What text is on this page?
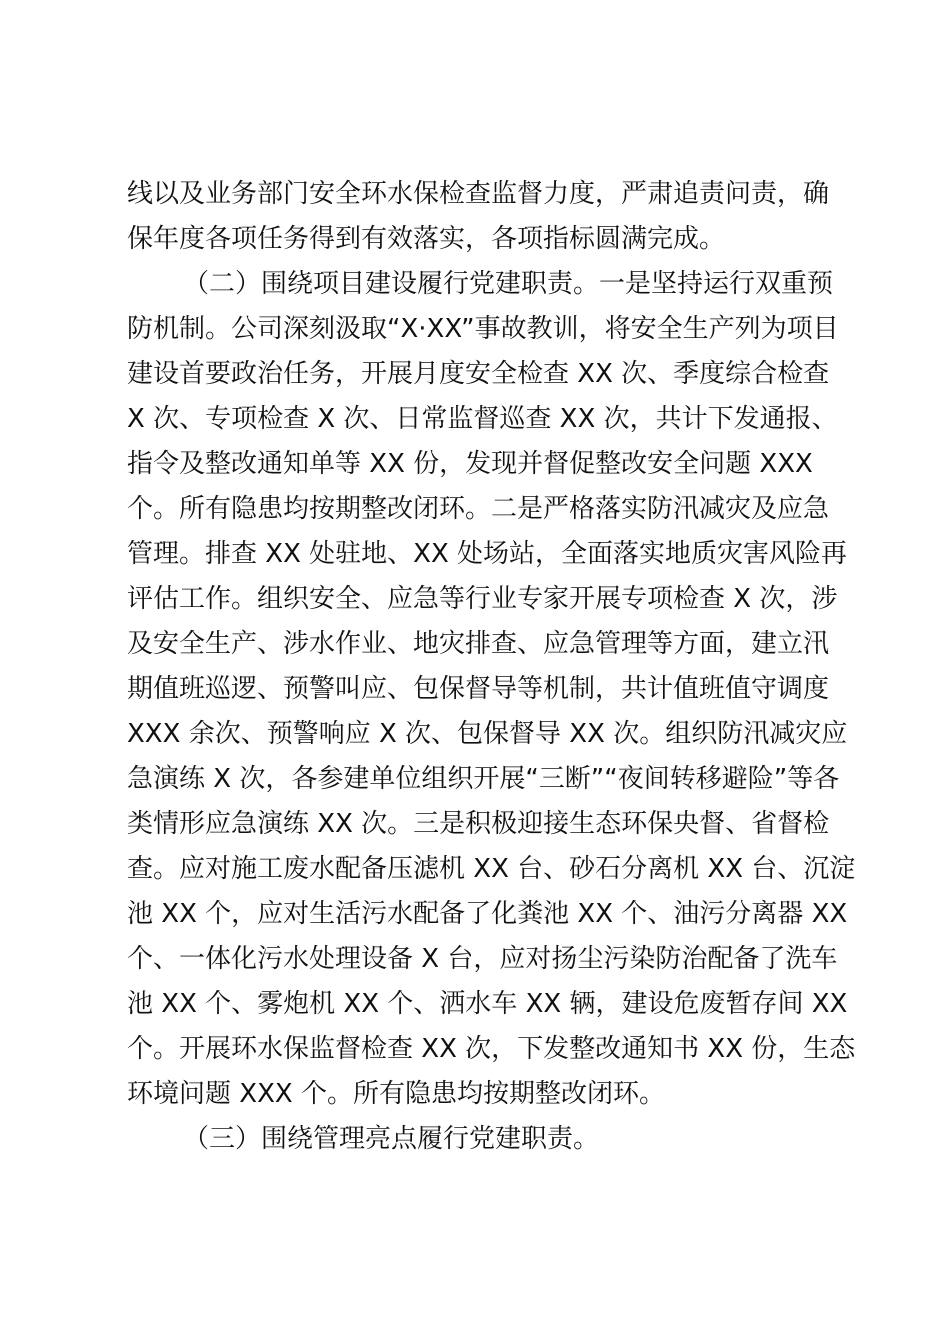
线以及业务部门安全环水保检查监督力度，严肃追责问责，确
保年度各项任务得到有效落实，各项指标圆满完成。
（二）围绕项目建设履行党建职责。一是坚持运行双重预
防机制。公司深刻汲取“X·XX”事故教训，将安全生产列为项目
建设首要政治任务，开展月度安全检查 XX 次、季度综合检查
X 次、专项检查 X 次、日常监督巡查 XX 次，共计下发通报、
指令及整改通知单等 XX 份，发现并督促整改安全问题 XXX
个。所有隐患均按期整改闭环。二是严格落实防汛减灾及应急
管理。排查 XX 处驻地、XX 处场站，全面落实地质灾害风险再
评估工作。组织安全、应急等行业专家开展专项检查 X 次，涉
及安全生产、涉水作业、地灾排查、应急管理等方面，建立汛
期值班巡逻、预警叫应、包保督导等机制，共计值班值守调度
XXX 余次、预警响应 X 次、包保督导 XX 次。组织防汛减灾应
急演练 X 次，各参建单位组织开展“三断”“夜间转移避险”等各
类情形应急演练 XX 次。三是积极迎接生态环保央督、省督检
查。应对施工废水配备压滤机 XX 台、砂石分离机 XX 台、沉淀
池 XX 个，应对生活污水配备了化粪池 XX 个、油污分离器 XX
个、一体化污水处理设备 X 台，应对扬尘污染防治配备了洗车
池 XX 个、雾炮机 XX 个、洒水车 XX 辆，建设危废暂存间 XX
个。开展环水保监督检查 XX 次，下发整改通知书 XX 份，生态
环境问题 XXX 个。所有隐患均按期整改闭环。
（三）围绕管理亮点履行党建职责。
